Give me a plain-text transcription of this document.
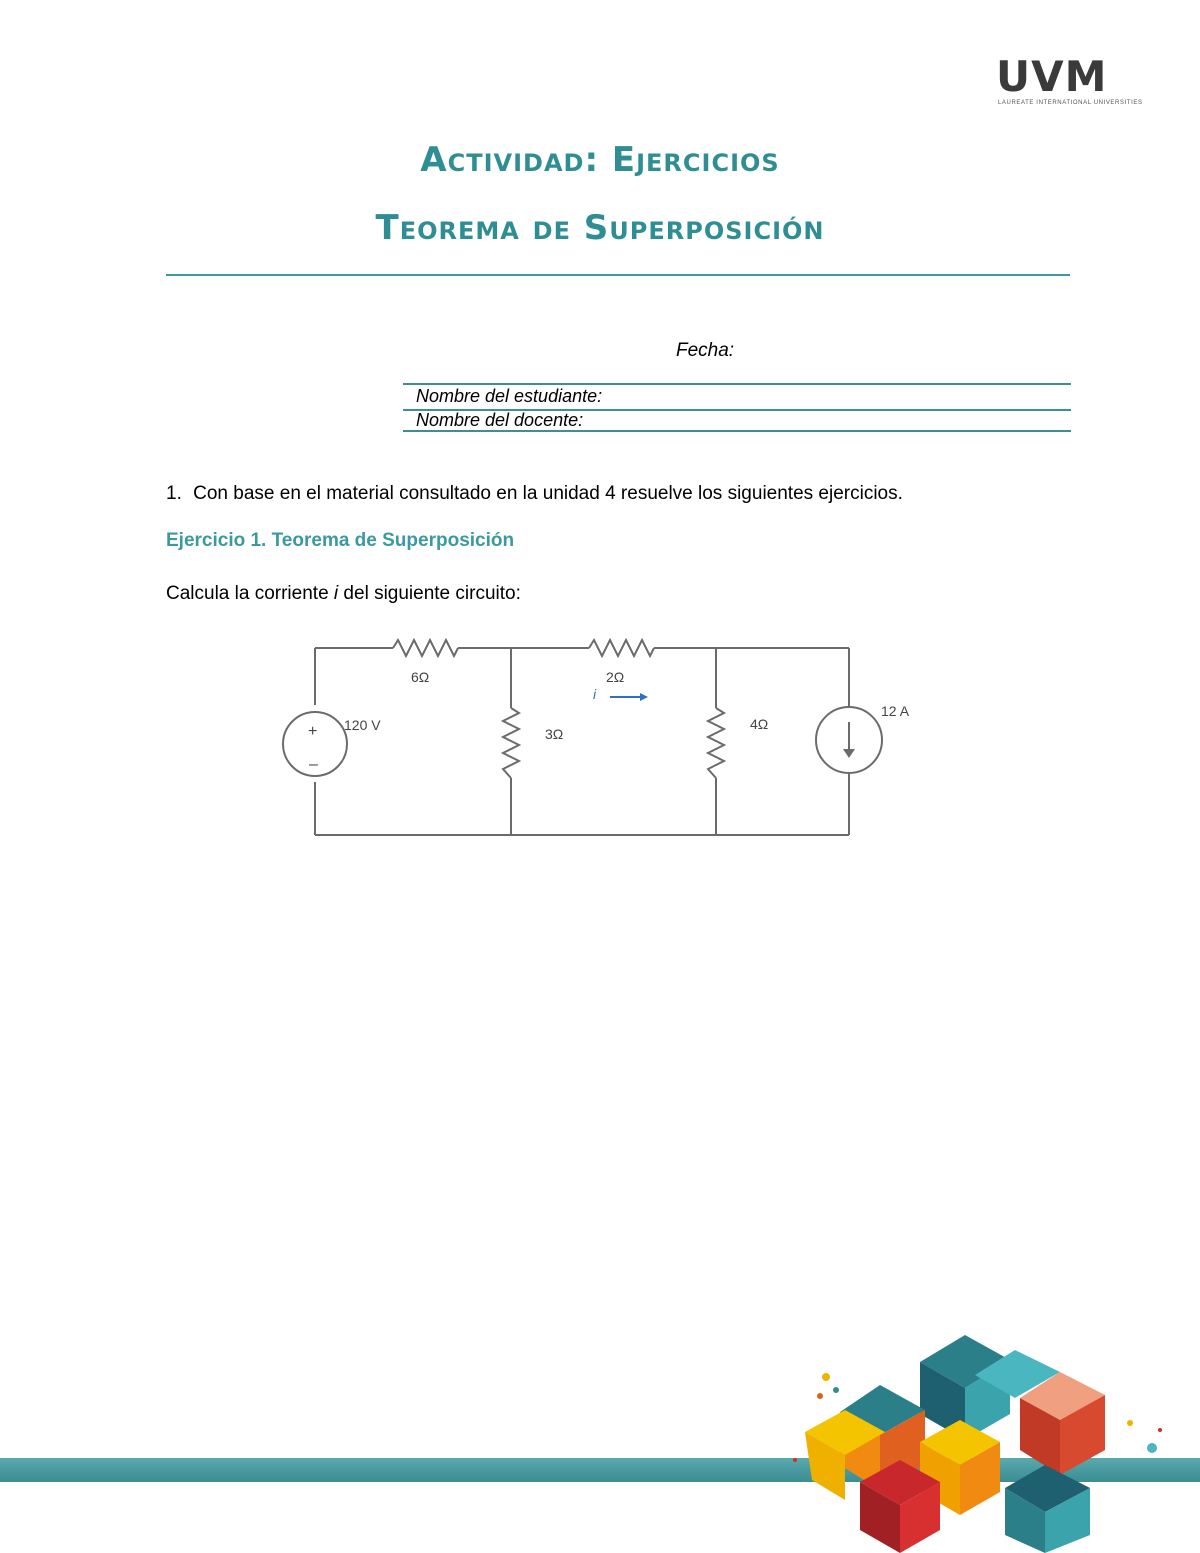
UVM
LAUREATE INTERNATIONAL UNIVERSITIES
Actividad: Ejercicios
Teorema de Superposición
Fecha:
Nombre del estudiante:
Nombre del docente:
1. Con base en el material consultado en la unidad 4 resuelve los siguientes ejercicios.
Ejercicio 1. Teorema de Superposición
Calcula la corriente i del siguiente circuito:
+
–
120 V
6Ω	2Ω
3Ω
4Ω
12 A
i
